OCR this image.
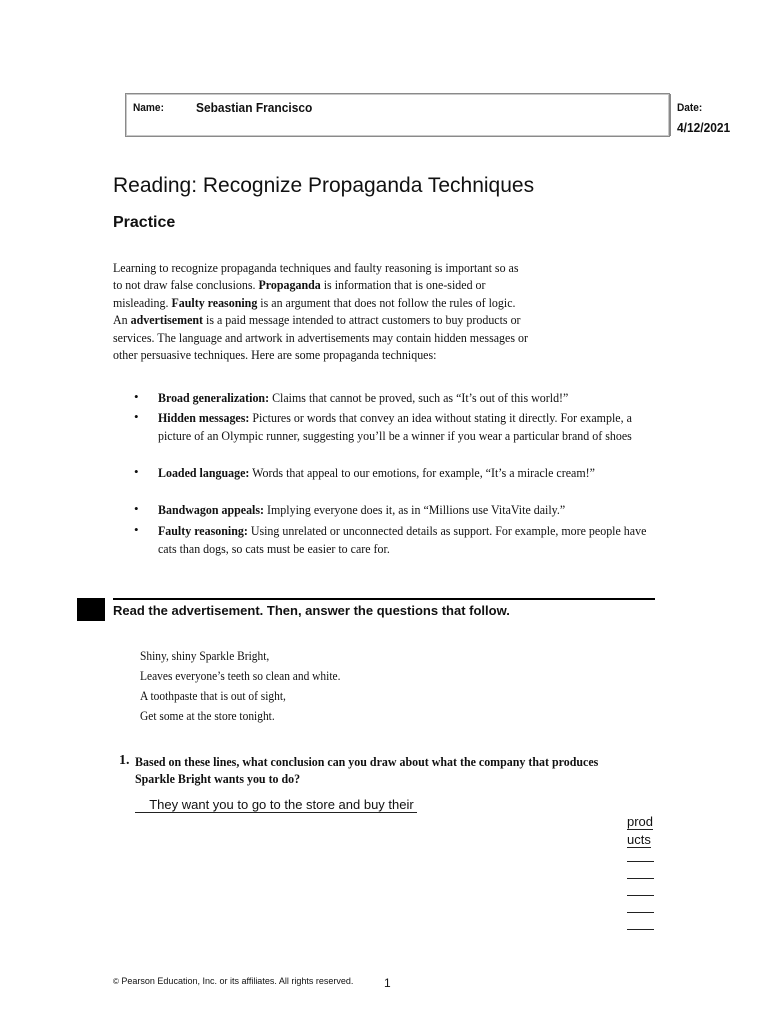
Name: Sebastian Francisco	Date:
4/12/2021
Reading: Recognize Propaganda Techniques
Practice
Learning to recognize propaganda techniques and faulty reasoning is important so as
to not draw false conclusions. Propaganda is information that is one-sided or
misleading. Faulty reasoning is an argument that does not follow the rules of logic.
An advertisement is a paid message intended to attract customers to buy products or
services. The language and artwork in advertisements may contain hidden messages or
other persuasive techniques. Here are some propaganda techniques:
• Broad generalization: Claims that cannot be proved, such as “It’s out of this world!”
• Hidden messages: Pictures or words that convey an idea without stating it directly. For example, a picture of an Olympic runner, suggesting you’ll be a winner if you wear a particular brand of shoes
• Loaded language: Words that appeal to our emotions, for example, “It’s a miracle cream!”
• Bandwagon appeals: Implying everyone does it, as in “Millions use VitaVite daily.”
• Faulty reasoning: Using unrelated or unconnected details as support. For example, more people have cats than dogs, so cats must be easier to care for.
Read the advertisement. Then, answer the questions that follow.
Shiny, shiny Sparkle Bright,
Leaves everyone’s teeth so clean and white.
A toothpaste that is out of sight,
Get some at the store tonight.
1. Based on these lines, what conclusion can you draw about what the company that produces Sparkle Bright wants you to do?
They want you to go to the store and buy their
prod
ucts
© Pearson Education, Inc. or its affiliates. All rights reserved.	1
